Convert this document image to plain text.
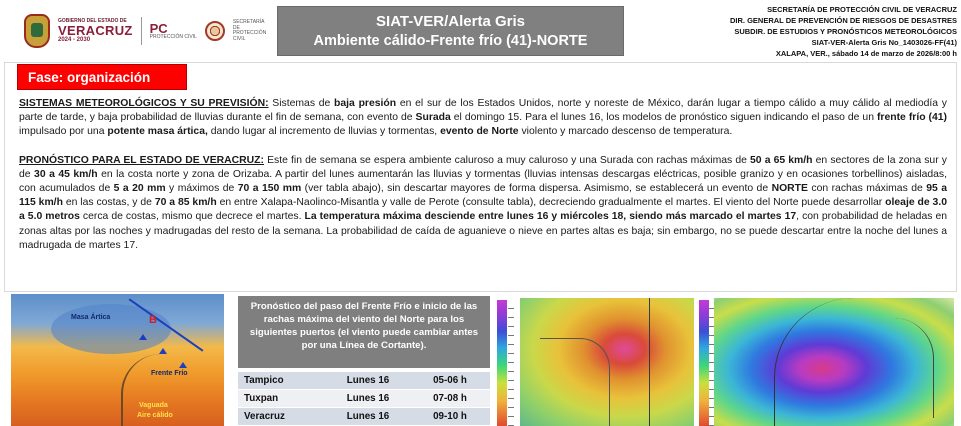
GOBIERNO DEL ESTADO DE
VERACRUZ
2024 - 2030
PC
PROTECCIÓN CIVIL
SECRETARÍA DE PROTECCIÓN CIVIL
SIAT-VER/Alerta Gris
Ambiente cálido-Frente frío (41)-NORTE
SECRETARÍA DE PROTECCIÓN CIVIL DE VERACRUZ
DIR. GENERAL DE PREVENCIÓN DE RIESGOS DE DESASTRES
SUBDIR. DE ESTUDIOS Y PRONÓSTICOS METEOROLÓGICOS
SIAT-VER-Alerta Gris No_1403026-FF(41)
XALAPA, VER., sábado 14 de marzo de 2026/8:00 h
Fase: organización

SISTEMAS METEOROLÓGICOS Y SU PREVISIÓN: Sistemas de baja presión en el sur de los Estados Unidos, norte y noreste de México, darán lugar a tiempo cálido a muy cálido al mediodía y parte de tarde, y baja probabilidad de lluvias durante el fin de semana, con evento de Surada el domingo 15. Para el lunes 16, los modelos de pronóstico siguen indicando el paso de un frente frío (41) impulsado por una potente masa ártica, dando lugar al incremento de lluvias y tormentas, evento de Norte violento y marcado descenso de temperatura.

PRONÓSTICO PARA EL ESTADO DE VERACRUZ: Este fin de semana se espera ambiente caluroso a muy caluroso y una Surada con rachas máximas de 50 a 65 km/h en sectores de la zona sur y de 30 a 45 km/h en la costa norte y zona de Orizaba. A partir del lunes aumentarán las lluvias y tormentas (lluvias intensas descargas eléctricas, posible granizo y en ocasiones torbellinos) aisladas, con acumulados de 5 a 20 mm y máximos de 70 a 150 mm (ver tabla abajo), sin descartar mayores de forma dispersa. Asimismo, se establecerá un evento de NORTE con rachas máximas de 95 a 115 km/h en las costas, y de 70 a 85 km/h en entre Xalapa-Naolinco-Misantla y valle de Perote (consulte tabla), decreciendo gradualmente el martes. El viento del Norte puede desarrollar oleaje de 3.0 a 5.0 metros cerca de costas, mismo que decrece el martes. La temperatura máxima desciende entre lunes 16 y miércoles 18, siendo más marcado el martes 17, con probabilidad de heladas en zonas altas por las noches y madrugadas del resto de la semana. La probabilidad de caída de aguanieve o nieve en partes altas es baja; sin embargo, no se puede descartar entre la noche del lunes a madrugada de martes 17.

B
Masa Ártica
Frente Frío
Vaguada
Aire cálido
Pronóstico del paso del Frente Frío e inicio de las rachas máxima del viento del Norte para los siguientes puertos (el viento puede cambiar antes por una Línea de Cortante).
Tampico	Lunes 16	05-06 h
Tuxpan	Lunes 16	07-08 h
Veracruz	Lunes 16	09-10 h
